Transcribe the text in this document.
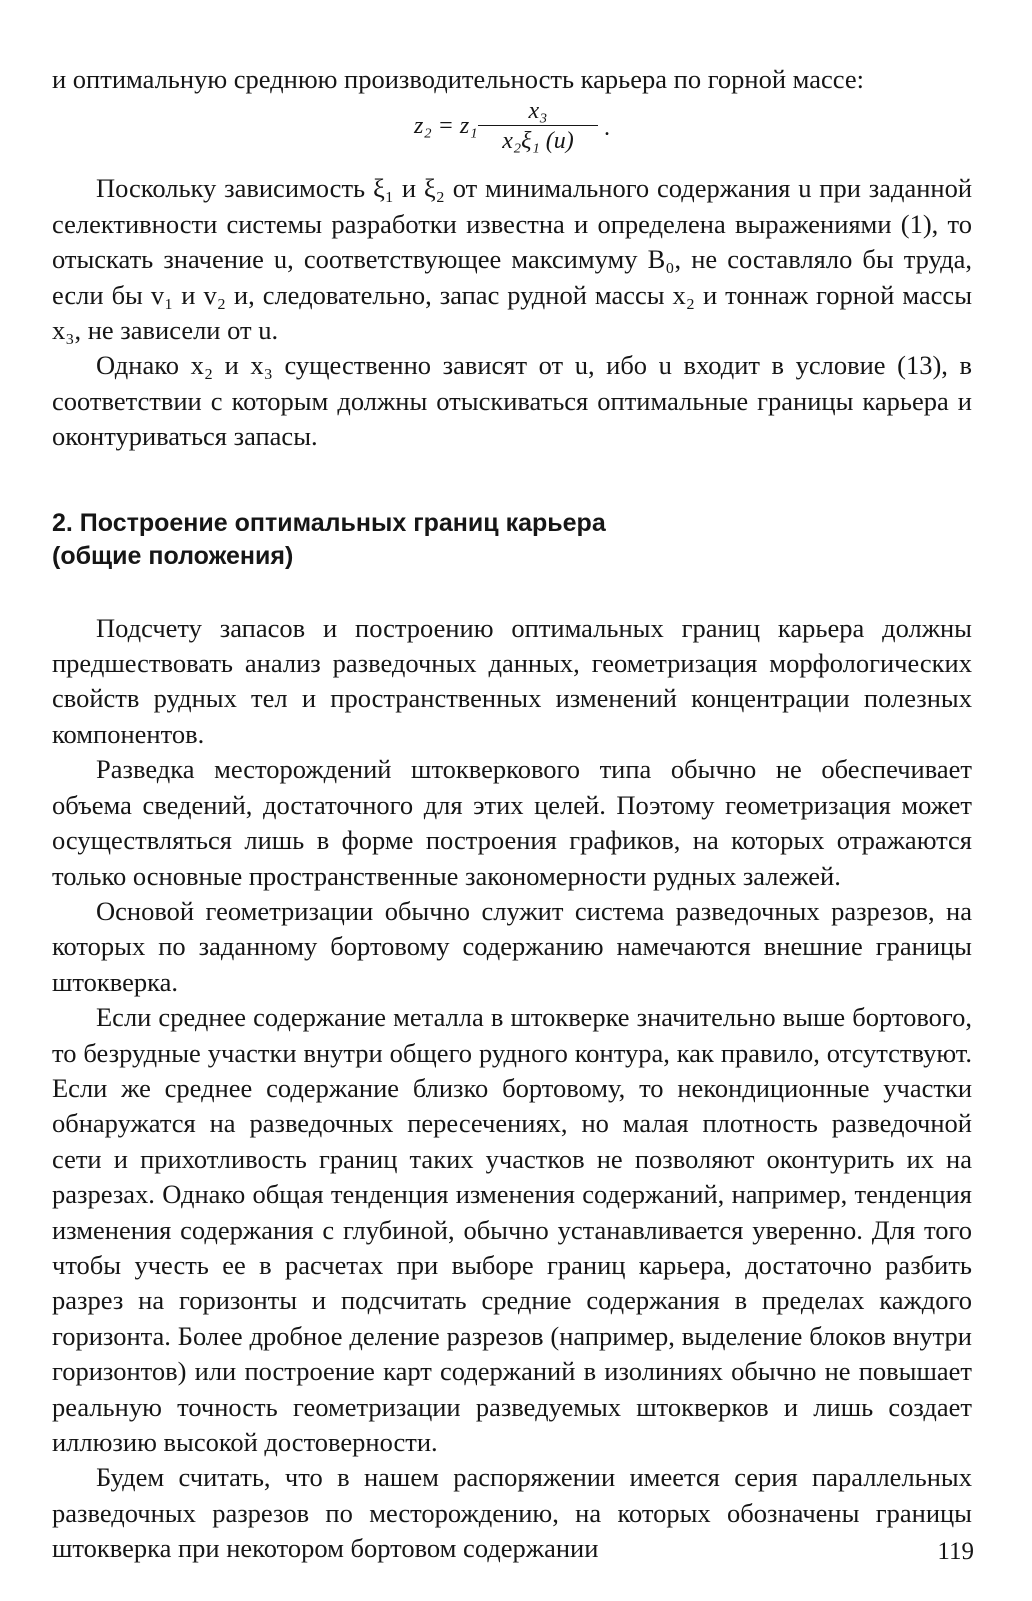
и оптимальную среднюю производительность карьера по горной массе:

z₂ = z₁
x₃
x₂ξ₁ (u)	.

Поскольку зависимость ξ₁ и ξ₂ от минимального содержания u при заданной селективности системы разработки известна и определена выражениями (1), то отыскать значение u, соответствующее максимуму B₀, не составляло бы труда, если бы v₁ и v₂ и, следовательно, запас рудной массы x₂ и тоннаж горной массы x₃, не зависели от u.

Однако x₂ и x₃ существенно зависят от u, ибо u входит в условие (13), в соответствии с которым должны отыскиваться оптимальные границы карьера и оконтуриваться запасы.

2. Построение оптимальных границ карьера
(общие положения)

Подсчету запасов и построению оптимальных границ карьера должны предшествовать анализ разведочных данных, геометризация морфологических свойств рудных тел и пространственных изменений концентрации полезных компонентов.

Разведка месторождений штокверкового типа обычно не обеспечивает объема сведений, достаточного для этих целей. Поэтому геометризация может осуществляться лишь в форме построения графиков, на которых отражаются только основные пространственные закономерности рудных залежей.

Основой геометризации обычно служит система разведочных разрезов, на которых по заданному бортовому содержанию намечаются внешние границы штокверка.

Если среднее содержание металла в штокверке значительно выше бортового, то безрудные участки внутри общего рудного контура, как правило, отсутствуют. Если же среднее содержание близко бортовому, то некондиционные участки обнаружатся на разведочных пересечениях, но малая плотность разведочной сети и прихотливость границ таких участков не позволяют оконтурить их на разрезах. Однако общая тенденция изменения содержаний, например, тенденция изменения содержания с глубиной, обычно устанавливается уверенно. Для того чтобы учесть ее в расчетах при выборе границ карьера, достаточно разбить разрез на горизонты и подсчитать средние содержания в пределах каждого горизонта. Более дробное деление разрезов (например, выделение блоков внутри горизонтов) или построение карт содержаний в изолиниях обычно не повышает реальную точность геометризации разведуемых штокверков и лишь создает иллюзию высокой достоверности.

Будем считать, что в нашем распоряжении имеется серия параллельных разведочных разрезов по месторождению, на которых обозначены границы штокверка при некотором бортовом содержании	119
